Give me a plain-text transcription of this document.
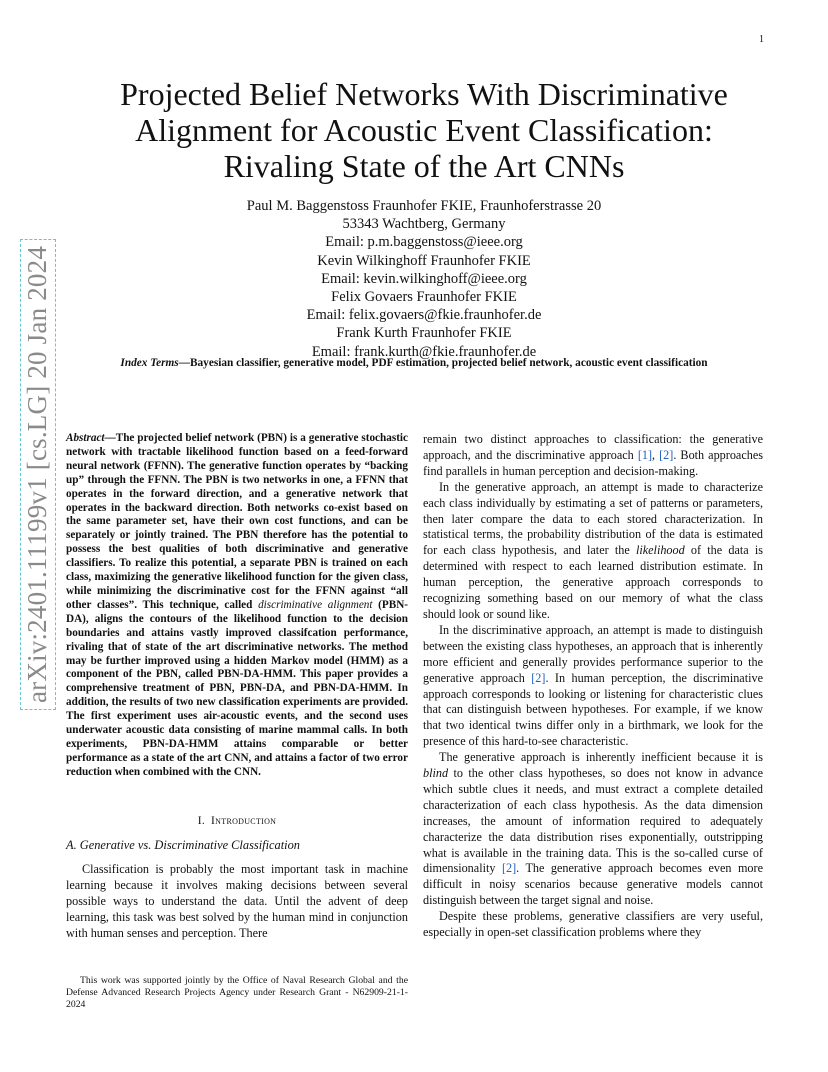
1
arXiv:2401.11199v1 [cs.LG] 20 Jan 2024
Projected Belief Networks With Discriminative
Alignment for Acoustic Event Classification:
Rivaling State of the Art CNNs
Paul M. Baggenstoss Fraunhofer FKIE, Fraunhoferstrasse 20
53343 Wachtberg, Germany
Email: p.m.baggenstoss@ieee.org
Kevin Wilkinghoff Fraunhofer FKIE
Email: kevin.wilkinghoff@ieee.org
Felix Govaers Fraunhofer FKIE
Email: felix.govaers@fkie.fraunhofer.de
Frank Kurth Fraunhofer FKIE
Email: frank.kurth@fkie.fraunhofer.de
Index Terms—Bayesian classifier, generative model, PDF estimation, projected belief network, acoustic event classification
Abstract—The projected belief network (PBN) is a generative stochastic network with tractable likelihood function based on a feed-forward neural network (FFNN). The generative function operates by “backing up” through the FFNN. The PBN is two networks in one, a FFNN that operates in the forward direction, and a generative network that operates in the backward direction. Both networks co-exist based on the same parameter set, have their own cost functions, and can be separately or jointly trained. The PBN therefore has the potential to possess the best qualities of both discriminative and generative classifiers. To realize this potential, a separate PBN is trained on each class, maximizing the generative likelihood function for the given class, while minimizing the discriminative cost for the FFNN against “all other classes”. This technique, called discriminative alignment (PBN-DA), aligns the contours of the likelihood function to the decision boundaries and attains vastly improved classifcation performance, rivaling that of state of the art discriminative networks. The method may be further improved using a hidden Markov model (HMM) as a component of the PBN, called PBN-DA-HMM. This paper provides a comprehensive treatment of PBN, PBN-DA, and PBN-DA-HMM. In addition, the results of two new classification experiments are provided. The first experiment uses air-acoustic events, and the second uses underwater acoustic data consisting of marine mammal calls. In both experiments, PBN-DA-HMM attains comparable or better performance as a state of the art CNN, and attains a factor of two error reduction when combined with the CNN.
I. Introduction
A. Generative vs. Discriminative Classification

Classification is probably the most important task in machine learning because it involves making decisions between several possible ways to understand the data. Until the advent of deep learning, this task was best solved by the human mind in conjunction with human senses and perception. There

This work was supported jointly by the Office of Naval Research Global and the Defense Advanced Research Projects Agency under Research Grant - N62909-21-1-2024

remain two distinct approaches to classification: the generative approach, and the discriminative approach [1], [2]. Both approaches find parallels in human perception and decision-making.

In the generative approach, an attempt is made to characterize each class individually by estimating a set of patterns or parameters, then later compare the data to each stored characterization. In statistical terms, the probability distribution of the data is estimated for each class hypothesis, and later the likelihood of the data is determined with respect to each learned distribution estimate. In human perception, the generative approach corresponds to recognizing something based on our memory of what the class should look or sound like.

In the discriminative approach, an attempt is made to distinguish between the existing class hypotheses, an approach that is inherently more efficient and generally provides performance superior to the generative approach [2]. In human perception, the discriminative approach corresponds to looking or listening for characteristic clues that can distinguish between hypotheses. For example, if we know that two identical twins differ only in a birthmark, we look for the presence of this hard-to-see characteristic.

The generative approach is inherently inefficient because it is blind to the other class hypotheses, so does not know in advance which subtle clues it needs, and must extract a complete detailed characterization of each class hypothesis. As the data dimension increases, the amount of information required to adequately characterize the data distribution rises exponentially, outstripping what is available in the training data. This is the so-called curse of dimensionality [2]. The generative approach becomes even more difficult in noisy scenarios because generative models cannot distinguish between the target signal and noise.

Despite these problems, generative classifiers are very useful, especially in open-set classification problems where they
